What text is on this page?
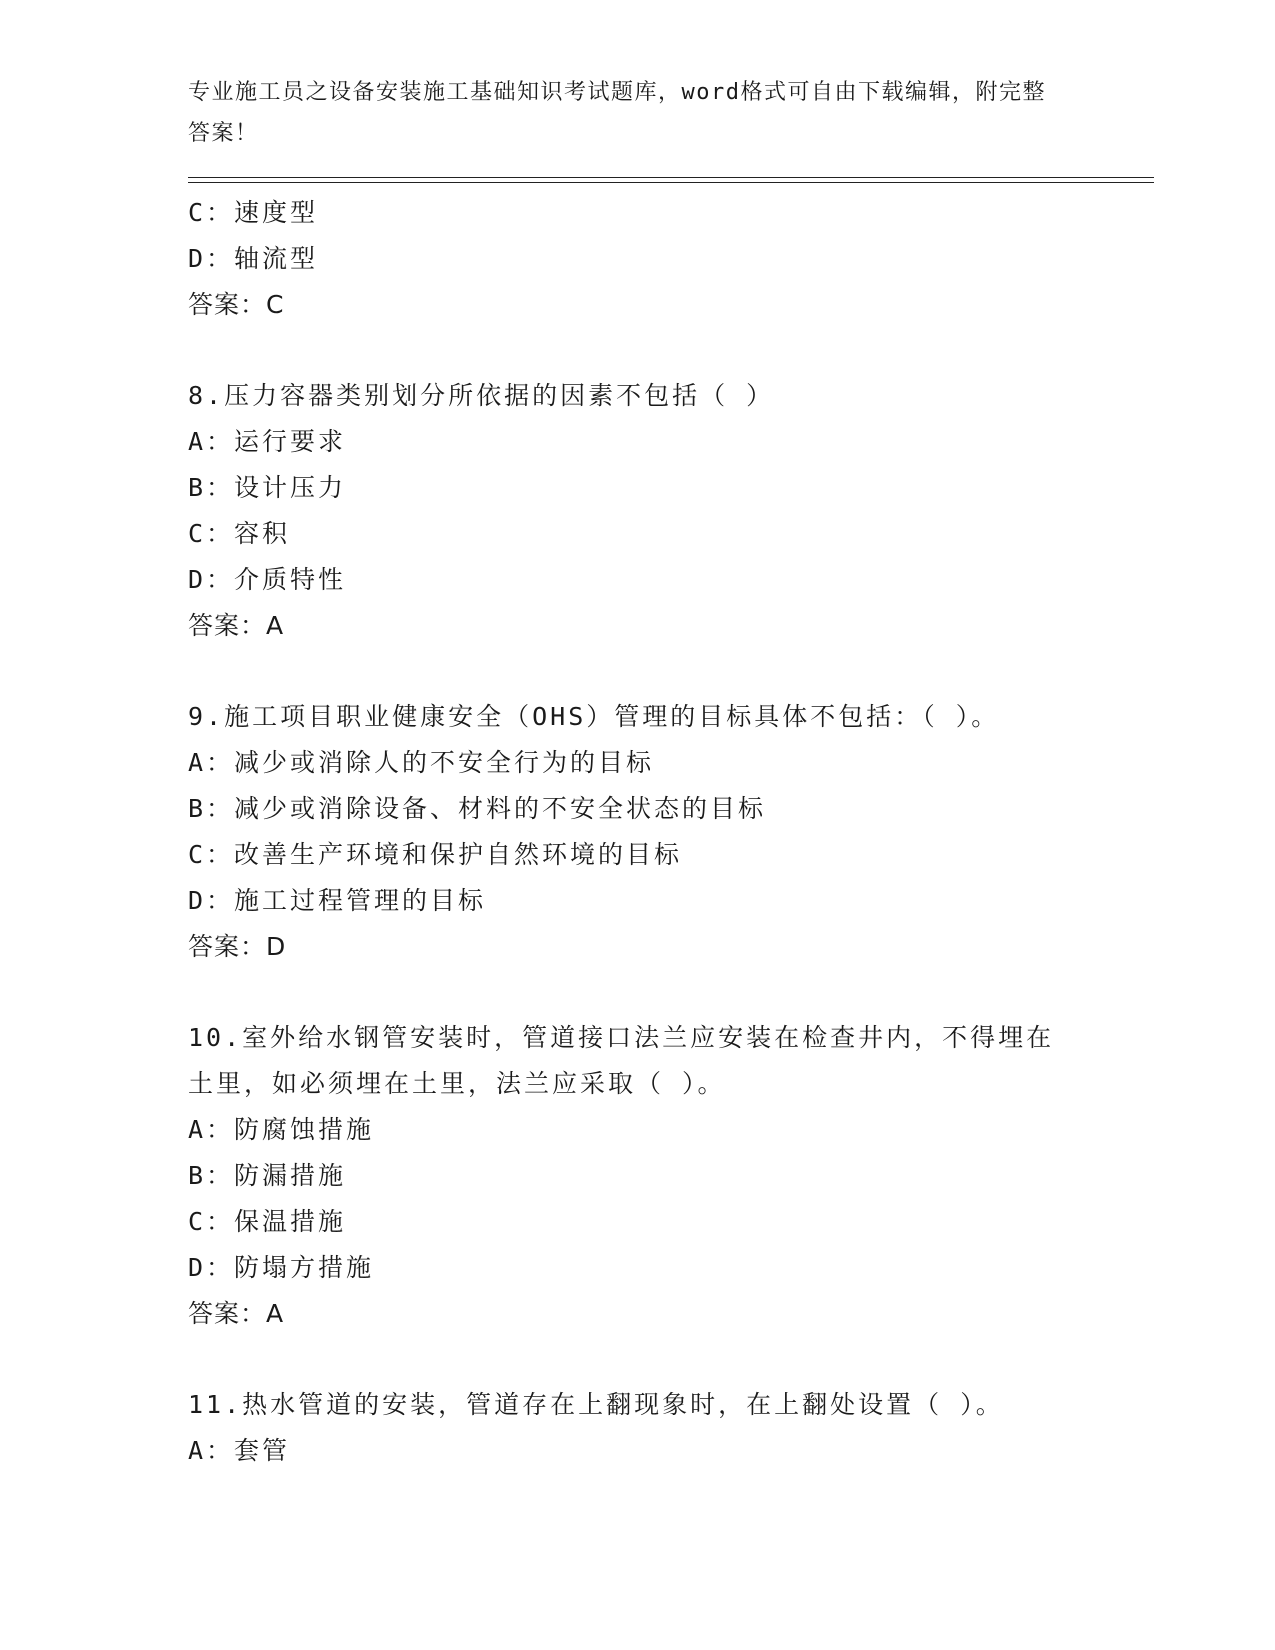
专业施工员之设备安装施工基础知识考试题库，word格式可自由下载编辑，附完整答案！
C：速度型
D：轴流型
答案：C
8.压力容器类别划分所依据的因素不包括（ ）
A：运行要求
B：设计压力
C：容积
D：介质特性
答案：A
9.施工项目职业健康安全（OHS）管理的目标具体不包括：（ ）。
A：减少或消除人的不安全行为的目标
B：减少或消除设备、材料的不安全状态的目标
C：改善生产环境和保护自然环境的目标
D：施工过程管理的目标
答案：D
10.室外给水钢管安装时，管道接口法兰应安装在检查井内，不得埋在
土里，如必须埋在土里，法兰应采取（ ）。
A：防腐蚀措施
B：防漏措施
C：保温措施
D：防塌方措施
答案：A
11.热水管道的安装，管道存在上翻现象时，在上翻处设置（ ）。
A：套管
